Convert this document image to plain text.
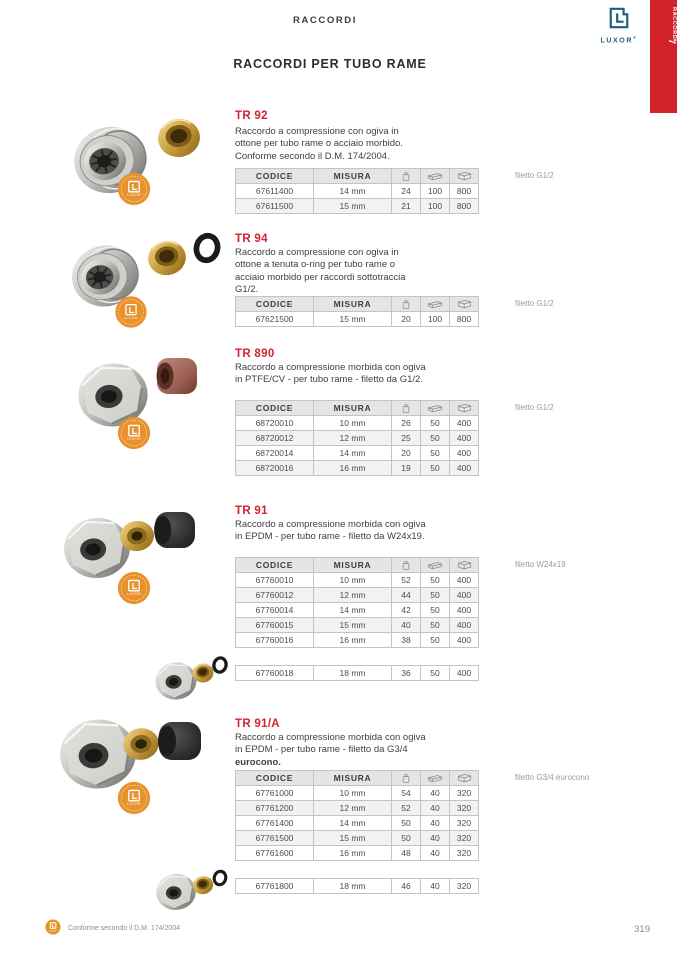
RACCORDI
LUXOR®	RACCORDI
7
RACCORDI PER TUBO RAME
TR 92

Raccordo a compressione con ogiva in ottone per tubo rame o acciaio morbido. Conforme secondo il D.M. 174/2004.

CODICE	MISURA			
67611400	14 mm	24	100	800
67611500	15 mm	21	100	800
filetto G1/2
TR 94

Raccordo a compressione con ogiva in ottone a tenuta o-ring per tubo rame o acciaio morbido per raccordi sottotraccia G1/2.

CODICE	MISURA			
67621500	15 mm	20	100	800
filetto G1/2
TR 890

Raccordo a compressione morbida con ogiva in PTFE/CV - per tubo rame - filetto da G1/2.

CODICE	MISURA			
68720010	10 mm	26	50	400
68720012	12 mm	25	50	400
68720014	14 mm	20	50	400
68720016	16 mm	19	50	400
filetto G1/2
TR 91

Raccordo a compressione morbida con ogiva in EPDM - per tubo rame - filetto da W24x19.

CODICE	MISURA			
67760010	10 mm	52	50	400
67760012	12 mm	44	50	400
67760014	14 mm	42	50	400
67760015	15 mm	40	50	400
67760016	16 mm	38	50	400
filetto W24x19
67760018	18 mm	36	50	400
TR 91/A

Raccordo a compressione morbida con ogiva in EPDM - per tubo rame - filetto da G3/4 eurocono.

CODICE	MISURA			
67761000	10 mm	54	40	320
67761200	12 mm	52	40	320
67761400	14 mm	50	40	320
67761500	15 mm	50	40	320
67761600	16 mm	48	40	320
filetto G3/4 eurocono
67761800	18 mm	46	40	320
LUXOR Conforme secondo il D.M. 174/2004	319
